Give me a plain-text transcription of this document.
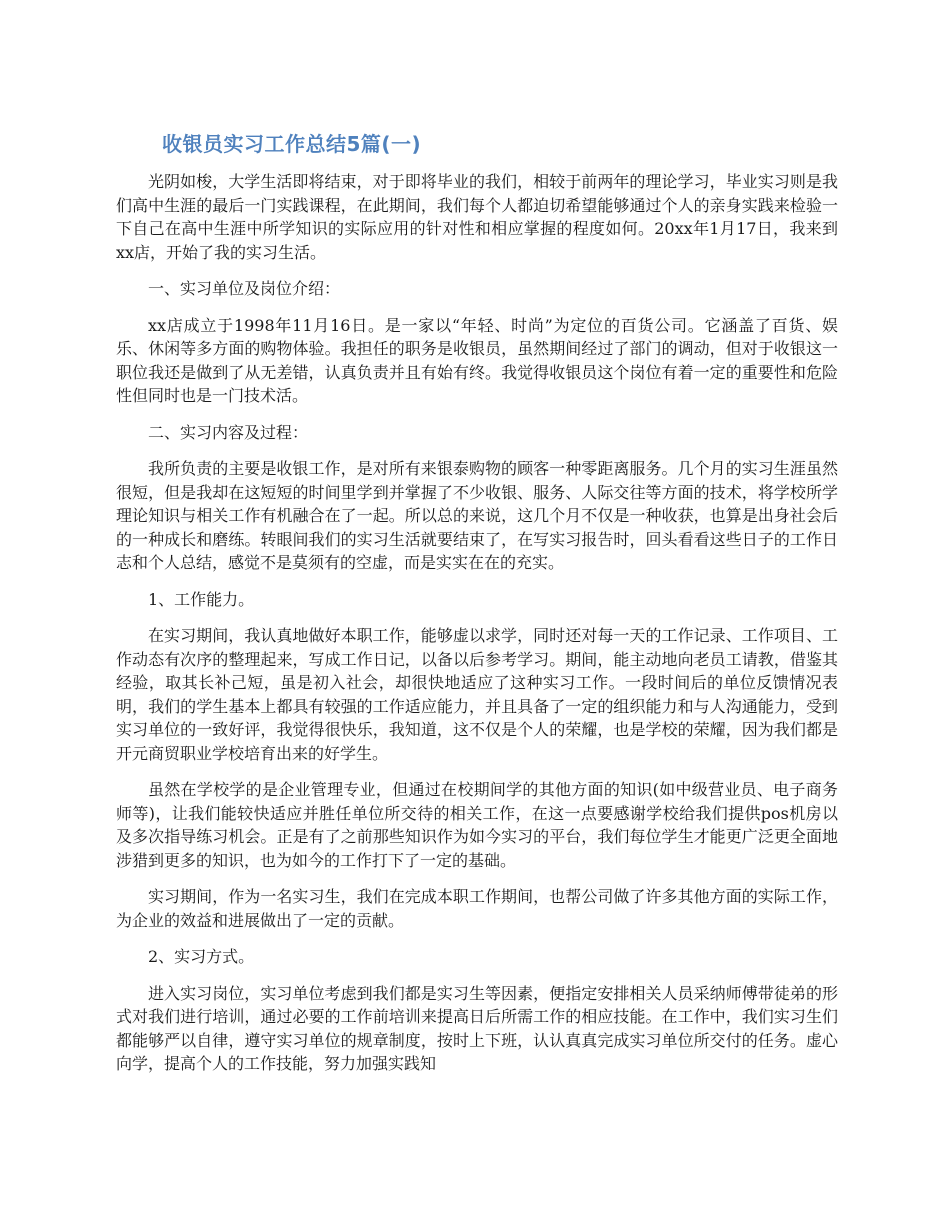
收银员实习工作总结5篇(一)

光阴如梭，大学生活即将结束，对于即将毕业的我们，相较于前两年的理论学习，毕业实习则是我们高中生涯的最后一门实践课程，在此期间，我们每个人都迫切希望能够通过个人的亲身实践来检验一下自己在高中生涯中所学知识的实际应用的针对性和相应掌握的程度如何。20xx年1月17日，我来到xx店，开始了我的实习生活。

一、实习单位及岗位介绍：

xx店成立于1998年11月16日。是一家以“年轻、时尚”为定位的百货公司。它涵盖了百货、娱乐、休闲等多方面的购物体验。我担任的职务是收银员，虽然期间经过了部门的调动，但对于收银这一职位我还是做到了从无差错，认真负责并且有始有终。我觉得收银员这个岗位有着一定的重要性和危险性但同时也是一门技术活。

二、实习内容及过程：

我所负责的主要是收银工作，是对所有来银泰购物的顾客一种零距离服务。几个月的实习生涯虽然很短，但是我却在这短短的时间里学到并掌握了不少收银、服务、人际交往等方面的技术，将学校所学理论知识与相关工作有机融合在了一起。所以总的来说，这几个月不仅是一种收获，也算是出身社会后的一种成长和磨练。转眼间我们的实习生活就要结束了，在写实习报告时，回头看看这些日子的工作日志和个人总结，感觉不是莫须有的空虚，而是实实在在的充实。

1、工作能力。

在实习期间，我认真地做好本职工作，能够虚以求学，同时还对每一天的工作记录、工作项目、工作动态有次序的整理起来，写成工作日记，以备以后参考学习。期间，能主动地向老员工请教，借鉴其经验，取其长补己短，虽是初入社会，却很快地适应了这种实习工作。一段时间后的单位反馈情况表明，我们的学生基本上都具有较强的工作适应能力，并且具备了一定的组织能力和与人沟通能力，受到实习单位的一致好评，我觉得很快乐，我知道，这不仅是个人的荣耀，也是学校的荣耀，因为我们都是开元商贸职业学校培育出来的好学生。

虽然在学校学的是企业管理专业，但通过在校期间学的其他方面的知识(如中级营业员、电子商务师等)，让我们能较快适应并胜任单位所交待的相关工作，在这一点要感谢学校给我们提供pos机房以及多次指导练习机会。正是有了之前那些知识作为如今实习的平台，我们每位学生才能更广泛更全面地涉猎到更多的知识，也为如今的工作打下了一定的基础。

实习期间，作为一名实习生，我们在完成本职工作期间，也帮公司做了许多其他方面的实际工作，为企业的效益和进展做出了一定的贡献。

2、实习方式。

进入实习岗位，实习单位考虑到我们都是实习生等因素，便指定安排相关人员采纳师傅带徒弟的形式对我们进行培训，通过必要的工作前培训来提高日后所需工作的相应技能。在工作中，我们实习生们都能够严以自律，遵守实习单位的规章制度，按时上下班，认认真真完成实习单位所交付的任务。虚心向学，提高个人的工作技能，努力加强实践知
